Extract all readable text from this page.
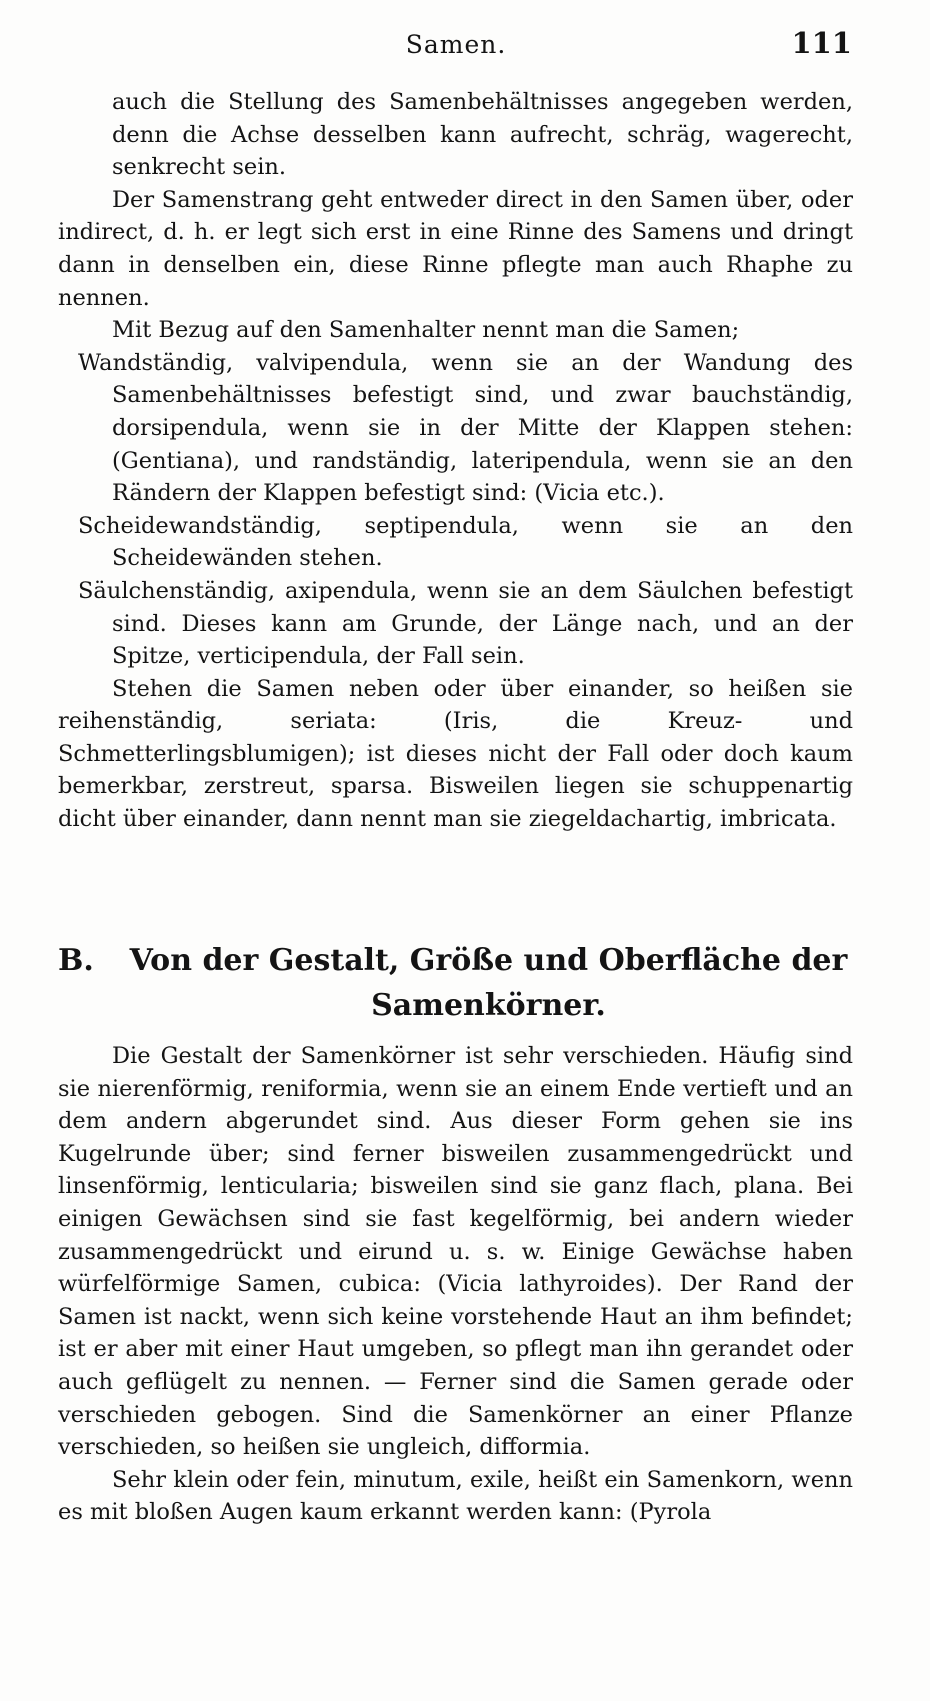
Samen.	111

auch die Stellung des Samenbehältnisses angegeben werden, denn die Achse desselben kann aufrecht, schräg, wagerecht, senkrecht sein.

Der Samenstrang geht entweder direct in den Samen über, oder indirect, d. h. er legt sich erst in eine Rinne des Samens und dringt dann in denselben ein, diese Rinne pflegte man auch Rhaphe zu nennen.

Mit Bezug auf den Samenhalter nennt man die Samen;

Wandständig, valvipendula, wenn sie an der Wandung des Samenbehältnisses befestigt sind, und zwar bauchständig, dorsipendula, wenn sie in der Mitte der Klappen stehen: (Gentiana), und randständig, lateripendula, wenn sie an den Rändern der Klappen befestigt sind: (Vicia etc.).

Scheidewandständig, septipendula, wenn sie an den Scheidewänden stehen.

Säulchenständig, axipendula, wenn sie an dem Säulchen befestigt sind. Dieses kann am Grunde, der Länge nach, und an der Spitze, verticipendula, der Fall sein.

Stehen die Samen neben oder über einander, so heißen sie reihenständig, seriata: (Iris, die Kreuz- und Schmetterlingsblumigen); ist dieses nicht der Fall oder doch kaum bemerkbar, zerstreut, sparsa. Bisweilen liegen sie schuppenartig dicht über einander, dann nennt man sie ziegeldachartig, imbricata.

B.	Von der Gestalt, Größe und Oberfläche der Samenkörner.

Die Gestalt der Samenkörner ist sehr verschieden. Häufig sind sie nierenförmig, reniformia, wenn sie an einem Ende vertieft und an dem andern abgerundet sind. Aus dieser Form gehen sie ins Kugelrunde über; sind ferner bisweilen zusammengedrückt und linsenförmig, lenticularia; bisweilen sind sie ganz flach, plana. Bei einigen Gewächsen sind sie fast kegelförmig, bei andern wieder zusammengedrückt und eirund u. s. w. Einige Gewächse haben würfelförmige Samen, cubica: (Vicia lathyroides). Der Rand der Samen ist nackt, wenn sich keine vorstehende Haut an ihm befindet; ist er aber mit einer Haut umgeben, so pflegt man ihn gerandet oder auch geflügelt zu nennen. — Ferner sind die Samen gerade oder verschieden gebogen. Sind die Samenkörner an einer Pflanze verschieden, so heißen sie ungleich, difformia.

Sehr klein oder fein, minutum, exile, heißt ein Samenkorn, wenn es mit bloßen Augen kaum erkannt werden kann: (Pyrola
